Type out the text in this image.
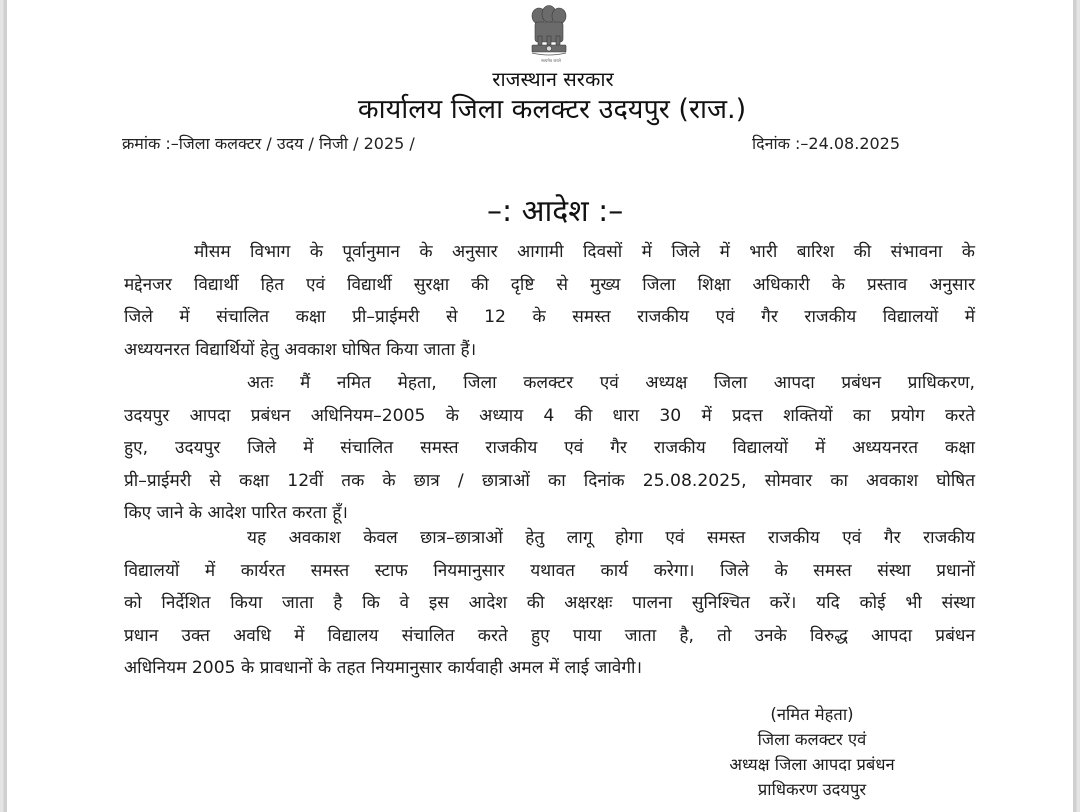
सत्यमेव जयते
राजस्थान सरकार
कार्यालय जिला कलक्टर उदयपुर (राज.)
क्रमांक :–जिला कलक्टर / उदय / निजी / 2025 /	दिनांक :–24.08.2025
–: आदेश :–
मौसम विभाग के पूर्वानुमान के अनुसार आगामी दिवसों में जिले में भारी बारिश की संभावना के
मद्देनजर विद्यार्थी हित एवं विद्यार्थी सुरक्षा की दृष्टि से मुख्य जिला शिक्षा अधिकारी के प्रस्ताव अनुसार
जिले में संचालित कक्षा प्री–प्राईमरी से 12 के समस्त राजकीय एवं गैर राजकीय विद्यालयों में
अध्ययनरत विद्यार्थियों हेतु अवकाश घोषित किया जाता हैं।
अतः मैं नमित मेहता, जिला कलक्टर एवं अध्यक्ष जिला आपदा प्रबंधन प्राधिकरण,
उदयपुर आपदा प्रबंधन अधिनियम–2005 के अध्याय 4 की धारा 30 में प्रदत्त शक्तियों का प्रयोग करते
हुए, उदयपुर जिले में संचालित समस्त राजकीय एवं गैर राजकीय विद्यालयों में अध्ययनरत कक्षा
प्री–प्राईमरी से कक्षा 12वीं तक के छात्र / छात्राओं का दिनांक 25.08.2025, सोमवार का अवकाश घोषित
किए जाने के आदेश पारित करता हूँ।
यह अवकाश केवल छात्र–छात्राओं हेतु लागू होगा एवं समस्त राजकीय एवं गैर राजकीय
विद्यालयों में कार्यरत समस्त स्टाफ नियमानुसार यथावत कार्य करेगा। जिले के समस्त संस्था प्रधानों
को निर्देशित किया जाता है कि वे इस आदेश की अक्षरक्षः पालना सुनिश्चित करें। यदि कोई भी संस्था
प्रधान उक्त अवधि में विद्यालय संचालित करते हुए पाया जाता है, तो उनके विरुद्ध आपदा प्रबंधन
अधिनियम 2005 के प्रावधानों के तहत नियमानुसार कार्यवाही अमल में लाई जावेगी।
(नमित मेहता)
जिला कलक्टर एवं
अध्यक्ष जिला आपदा प्रबंधन
प्राधिकरण उदयपुर
